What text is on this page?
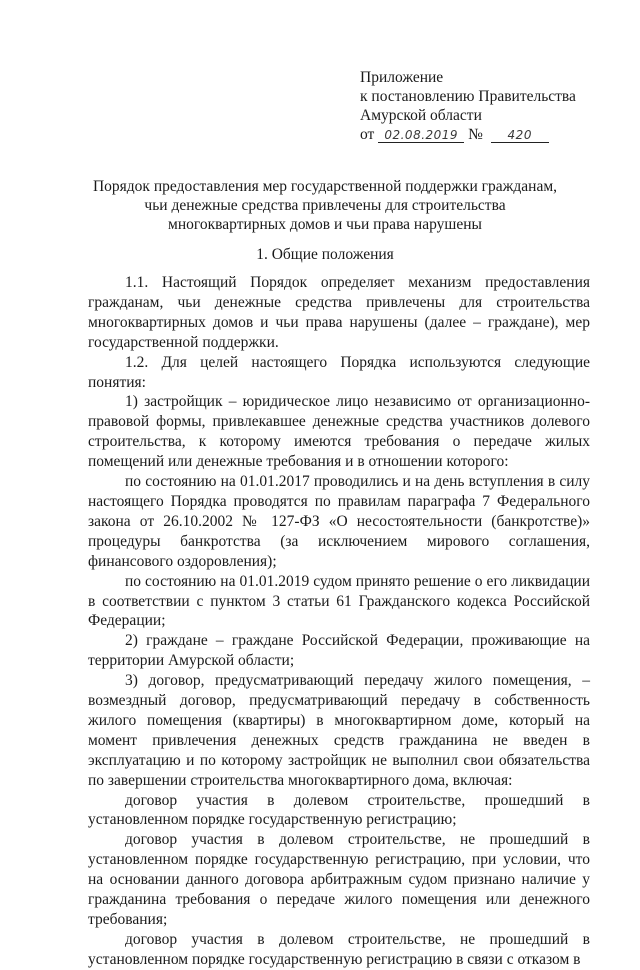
Приложение
к постановлению Правительства
Амурской области
от 02.08.2019 № 420
Порядок предоставления мер государственной поддержки гражданам,
чьи денежные средства привлечены для строительства
многоквартирных домов и чьи права нарушены
1. Общие положения

1.1. Настоящий Порядок определяет механизм предоставления гражданам, чьи денежные средства привлечены для строительства многоквартирных домов и чьи права нарушены (далее – граждане), мер государственной поддержки.

1.2. Для целей настоящего Порядка используются следующие понятия:

1) застройщик – юридическое лицо независимо от организационно-правовой формы, привлекавшее денежные средства участников долевого строительства, к которому имеются требования о передаче жилых помещений или денежные требования и в отношении которого:

по состоянию на 01.01.2017 проводились и на день вступления в силу настоящего Порядка проводятся по правилам параграфа 7 Федерального закона от 26.10.2002 № 127-ФЗ «О несостоятельности (банкротстве)» процедуры банкротства (за исключением мирового соглашения, финансового оздоровления);

по состоянию на 01.01.2019 судом принято решение о его ликвидации в соответствии с пунктом 3 статьи 61 Гражданского кодекса Российской Федерации;

2) граждане – граждане Российской Федерации, проживающие на территории Амурской области;

3) договор, предусматривающий передачу жилого помещения, – возмездный договор, предусматривающий передачу в собственность жилого помещения (квартиры) в многоквартирном доме, который на момент привлечения денежных средств гражданина не введен в эксплуатацию и по которому застройщик не выполнил свои обязательства по завершении строительства многоквартирного дома, включая:

договор участия в долевом строительстве, прошедший в установленном порядке государственную регистрацию;

договор участия в долевом строительстве, не прошедший в установленном порядке государственную регистрацию, при условии, что на основании данного договора арбитражным судом признано наличие у гражданина требования о передаче жилого помещения или денежного требования;

договор участия в долевом строительстве, не прошедший в установленном порядке государственную регистрацию в связи с отказом в
